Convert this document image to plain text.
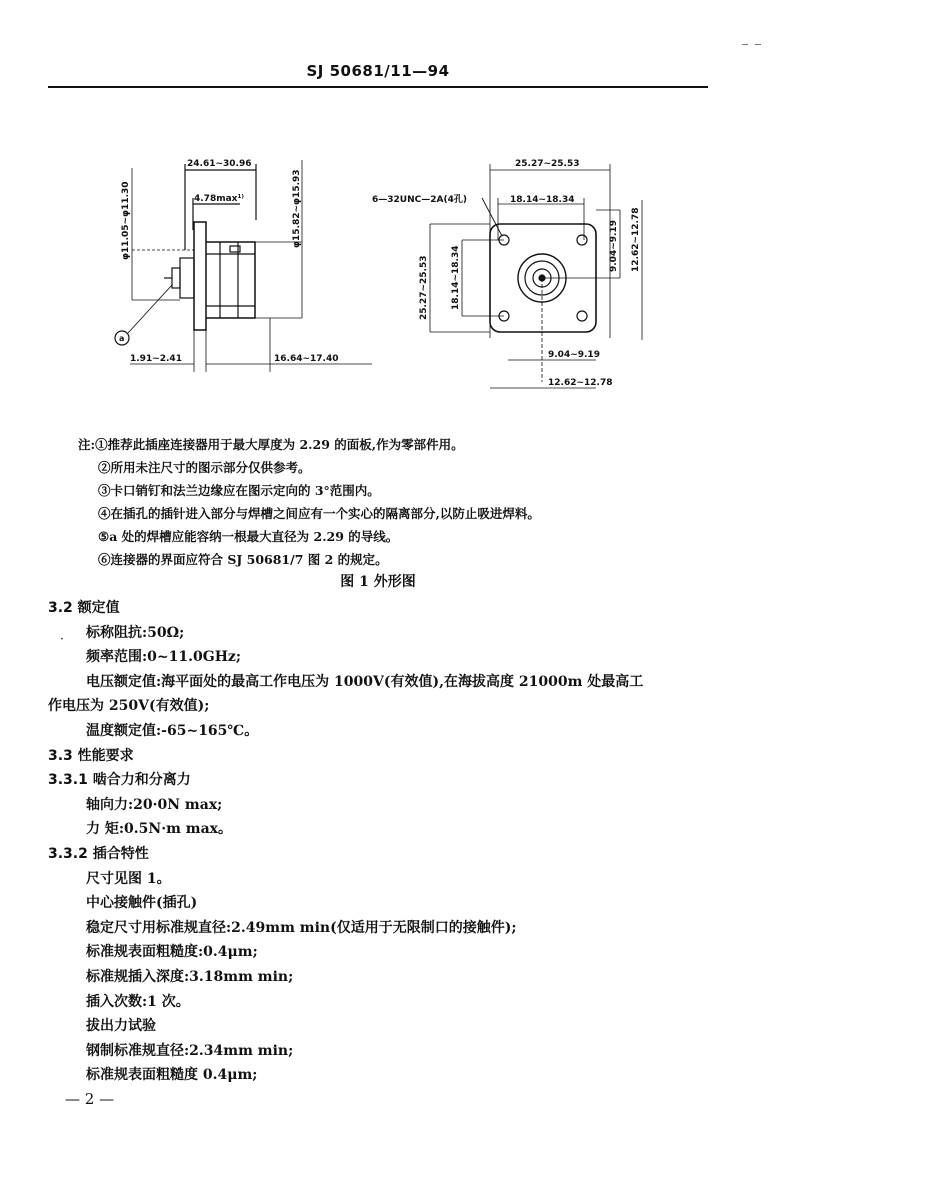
SJ 50681/11—94
24.61~30.96
4.78max¹⁾
φ11.05~φ11.30	φ15.82~φ15.93
1.91~2.41	16.64~17.40
a
25.27~25.53
6—32UNC—2A(4孔)	18.14~18.34
25.27~25.53 18.14~18.34	9.04~9.19 12.62~12.78
9.04~9.19
12.62~12.78
注:①推荐此插座连接器用于最大厚度为 2.29 的面板,作为零部件用。
②所用未注尺寸的图示部分仅供参考。
③卡口销钉和法兰边缘应在图示定向的 3°范围内。
④在插孔的插针进入部分与焊槽之间应有一个实心的隔离部分,以防止吸进焊料。
⑤a 处的焊槽应能容纳一根最大直径为 2.29 的导线。
⑥连接器的界面应符合 SJ 50681/7 图 2 的规定。
图 1 外形图
·
3.2 额定值
标称阻抗:50Ω;
频率范围:0~11.0GHz;
电压额定值:海平面处的最高工作电压为 1000V(有效值),在海拔高度 21000m 处最高工
作电压为 250V(有效值);
温度额定值:-65~165℃。
3.3 性能要求
3.3.1 啮合力和分离力
轴向力:20·0N max;
力 矩:0.5N·m max。
3.3.2 插合特性
尺寸见图 1。
中心接触件(插孔)
稳定尺寸用标准规直径:2.49mm min(仅适用于无限制口的接触件);
标准规表面粗糙度:0.4μm;
标准规插入深度:3.18mm min;
插入次数:1 次。
拔出力试验
钢制标准规直径:2.34mm min;
标准规表面粗糙度 0.4μm;
— 2 —
